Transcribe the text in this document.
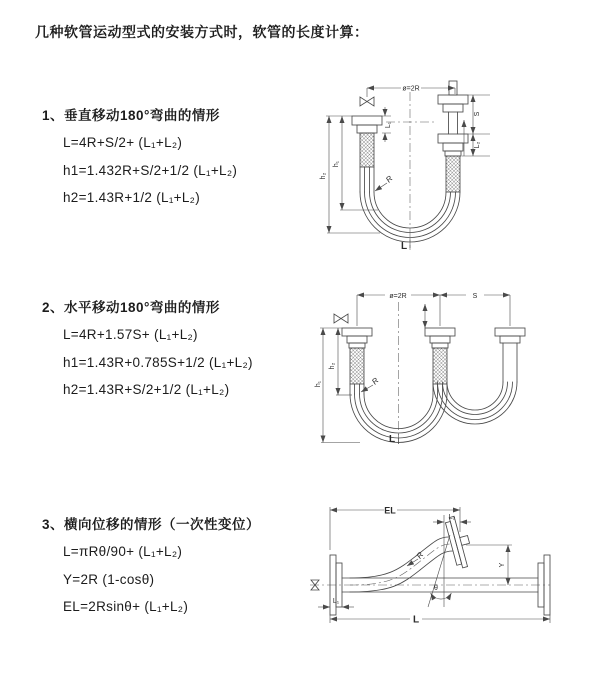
几种软管运动型式的安装方式时，软管的长度计算：
1、垂直移动180°弯曲的情形
L=4R+S/2+ (L₁+L₂)
h1=1.432R+S/2+1/2 (L₁+L₂)
h2=1.43R+1/2 (L₁+L₂)
2、水平移动180°弯曲的情形
L=4R+1.57S+ (L₁+L₂)
h1=1.43R+0.785S+1/2 (L₁+L₂)
h2=1.43R+S/2+1/2 (L₁+L₂)
3、横向位移的情形（一次性变位）
L=πRθ/90+ (L₁+L₂)
Y=2R (1-cosθ)
EL=2Rsinθ+ (L₁+L₂)
ø=2R
L₁
S
L₂
h₁
h₂	R
L
ø=2R	S
h₁
h₂
R
L
θ
EL
L₂
Y
R
L₁
L
